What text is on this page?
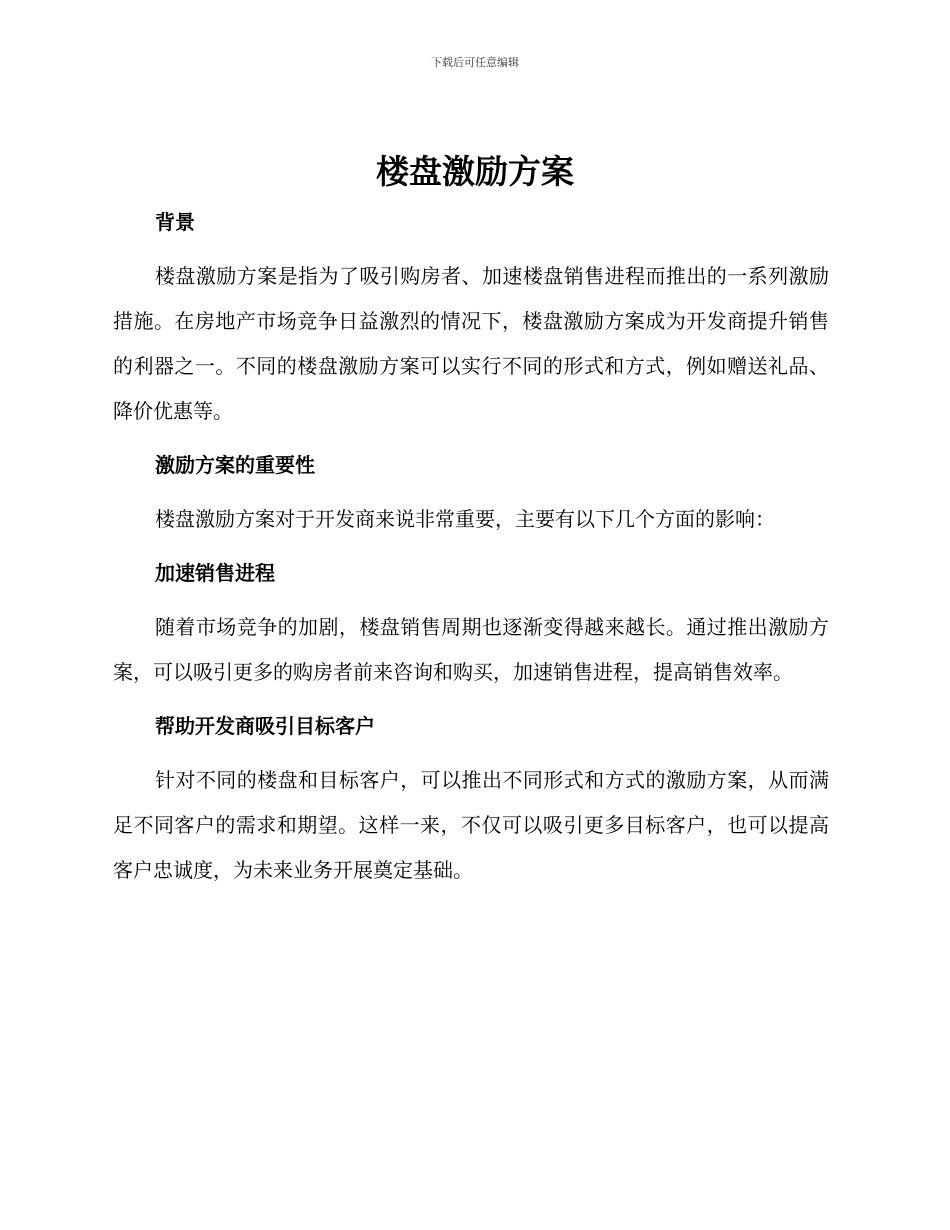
下载后可任意编辑
楼盘激励方案
背景

楼盘激励方案是指为了吸引购房者、加速楼盘销售进程而推出的一系列激励措施。在房地产市场竞争日益激烈的情况下，楼盘激励方案成为开发商提升销售的利器之一。不同的楼盘激励方案可以实行不同的形式和方式，例如赠送礼品、降价优惠等。

激励方案的重要性

楼盘激励方案对于开发商来说非常重要，主要有以下几个方面的影响：

加速销售进程

随着市场竞争的加剧，楼盘销售周期也逐渐变得越来越长。通过推出激励方案，可以吸引更多的购房者前来咨询和购买，加速销售进程，提高销售效率。

帮助开发商吸引目标客户

针对不同的楼盘和目标客户，可以推出不同形式和方式的激励方案，从而满足不同客户的需求和期望。这样一来，不仅可以吸引更多目标客户，也可以提高客户忠诚度，为未来业务开展奠定基础。
